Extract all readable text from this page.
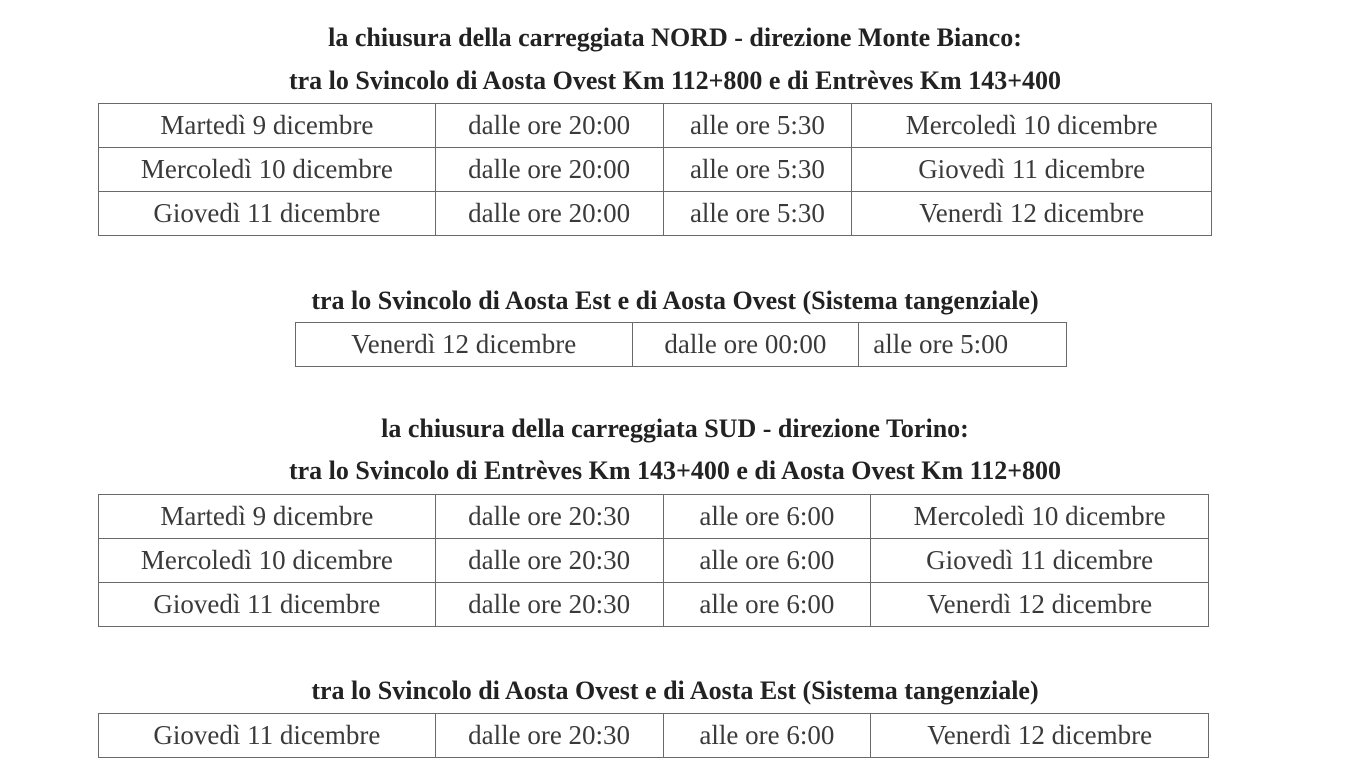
la chiusura della carreggiata NORD - direzione Monte Bianco:
tra lo Svincolo di Aosta Ovest Km 112+800 e di Entrèves Km 143+400
Martedì 9 dicembre	dalle ore 20:00	alle ore 5:30	Mercoledì 10 dicembre
Mercoledì 10 dicembre	dalle ore 20:00	alle ore 5:30	Giovedì 11 dicembre
Giovedì 11 dicembre	dalle ore 20:00	alle ore 5:30	Venerdì 12 dicembre
tra lo Svincolo di Aosta Est e di Aosta Ovest (Sistema tangenziale)
Venerdì 12 dicembre	dalle ore 00:00	alle ore 5:00
la chiusura della carreggiata SUD - direzione Torino:
tra lo Svincolo di Entrèves Km 143+400 e di Aosta Ovest Km 112+800
Martedì 9 dicembre	dalle ore 20:30	alle ore 6:00	Mercoledì 10 dicembre
Mercoledì 10 dicembre	dalle ore 20:30	alle ore 6:00	Giovedì 11 dicembre
Giovedì 11 dicembre	dalle ore 20:30	alle ore 6:00	Venerdì 12 dicembre
tra lo Svincolo di Aosta Ovest e di Aosta Est (Sistema tangenziale)
Giovedì 11 dicembre	dalle ore 20:30	alle ore 6:00	Venerdì 12 dicembre
